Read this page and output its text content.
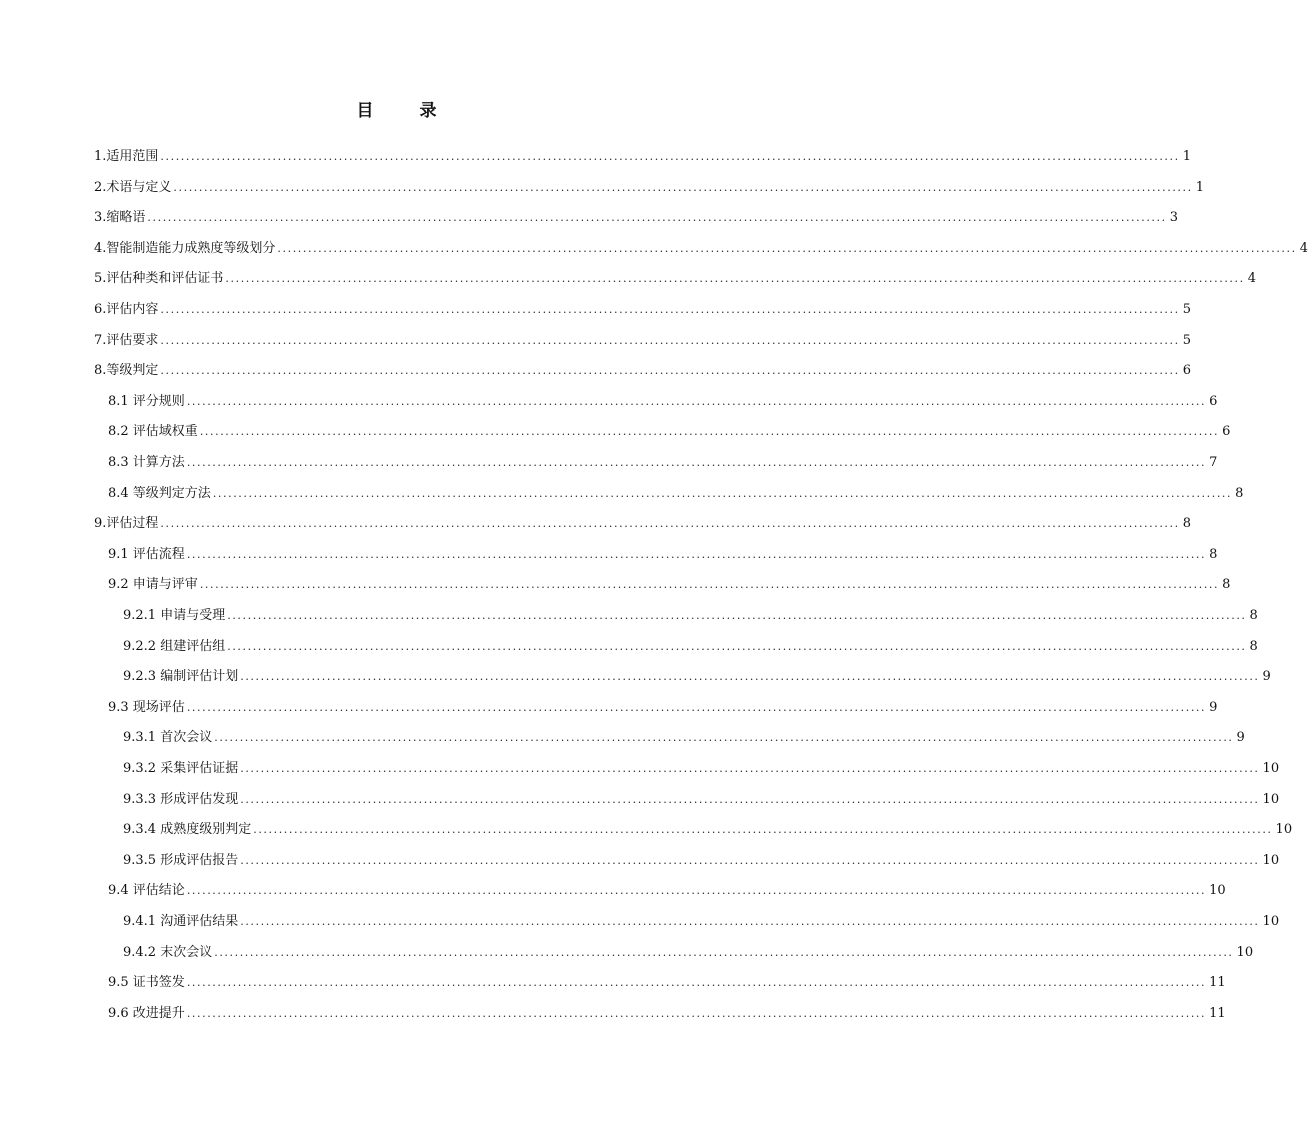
目 录
1.适用范围 ........................................................................................................................................................................................................ 1
2.术语与定义 ........................................................................................................................................................................................................ 1
3.缩略语 ........................................................................................................................................................................................................ 3
4.智能制造能力成熟度等级划分 ........................................................................................................................................................................................................ 4
5.评估种类和评估证书 ........................................................................................................................................................................................................ 4
6.评估内容 ........................................................................................................................................................................................................ 5
7.评估要求 ........................................................................................................................................................................................................ 5
8.等级判定 ........................................................................................................................................................................................................ 6
8.1 评分规则 ........................................................................................................................................................................................................ 6
8.2 评估域权重 ........................................................................................................................................................................................................ 6
8.3 计算方法 ........................................................................................................................................................................................................ 7
8.4 等级判定方法 ........................................................................................................................................................................................................ 8
9.评估过程 ........................................................................................................................................................................................................ 8
9.1 评估流程 ........................................................................................................................................................................................................ 8
9.2 申请与评审 ........................................................................................................................................................................................................ 8
9.2.1 申请与受理 ........................................................................................................................................................................................................ 8
9.2.2 组建评估组 ........................................................................................................................................................................................................ 8
9.2.3 编制评估计划 ........................................................................................................................................................................................................ 9
9.3 现场评估 ........................................................................................................................................................................................................ 9
9.3.1 首次会议 ........................................................................................................................................................................................................ 9
9.3.2 采集评估证据 ........................................................................................................................................................................................................ 10
9.3.3 形成评估发现 ........................................................................................................................................................................................................ 10
9.3.4 成熟度级别判定 ........................................................................................................................................................................................................ 10
9.3.5 形成评估报告 ........................................................................................................................................................................................................ 10
9.4 评估结论 ........................................................................................................................................................................................................ 10
9.4.1 沟通评估结果 ........................................................................................................................................................................................................ 10
9.4.2 末次会议 ........................................................................................................................................................................................................ 10
9.5 证书签发 ........................................................................................................................................................................................................ 11
9.6 改进提升 ........................................................................................................................................................................................................ 11
